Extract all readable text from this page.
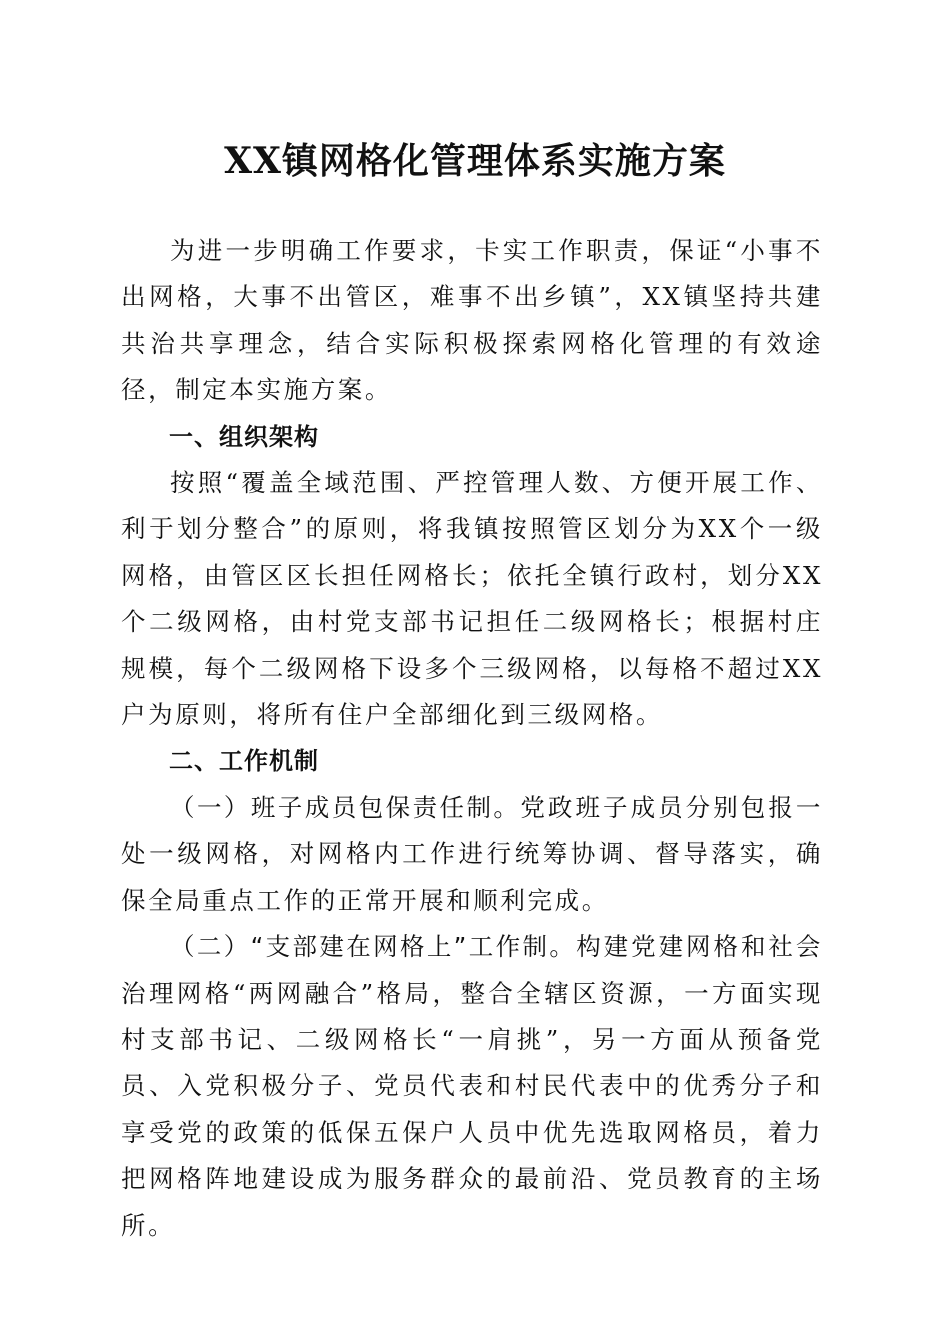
XX镇网格化管理体系实施方案

为进一步明确工作要求，卡实工作职责，保证“小事不出网格，大事不出管区，难事不出乡镇”，XX镇坚持共建共治共享理念，结合实际积极探索网格化管理的有效途径，制定本实施方案。

一、组织架构

按照“覆盖全域范围、严控管理人数、方便开展工作、利于划分整合”的原则，将我镇按照管区划分为XX个一级网格，由管区区长担任网格长；依托全镇行政村，划分XX个二级网格，由村党支部书记担任二级网格长；根据村庄规模，每个二级网格下设多个三级网格，以每格不超过XX户为原则，将所有住户全部细化到三级网格。

二、工作机制

（一）班子成员包保责任制。党政班子成员分别包报一处一级网格，对网格内工作进行统筹协调、督导落实，确保全局重点工作的正常开展和顺利完成。

（二）“支部建在网格上”工作制。构建党建网格和社会治理网格“两网融合”格局，整合全辖区资源，一方面实现村支部书记、二级网格长“一肩挑”，另一方面从预备党员、入党积极分子、党员代表和村民代表中的优秀分子和享受党的政策的低保五保户人员中优先选取网格员，着力把网格阵地建设成为服务群众的最前沿、党员教育的主场所。
